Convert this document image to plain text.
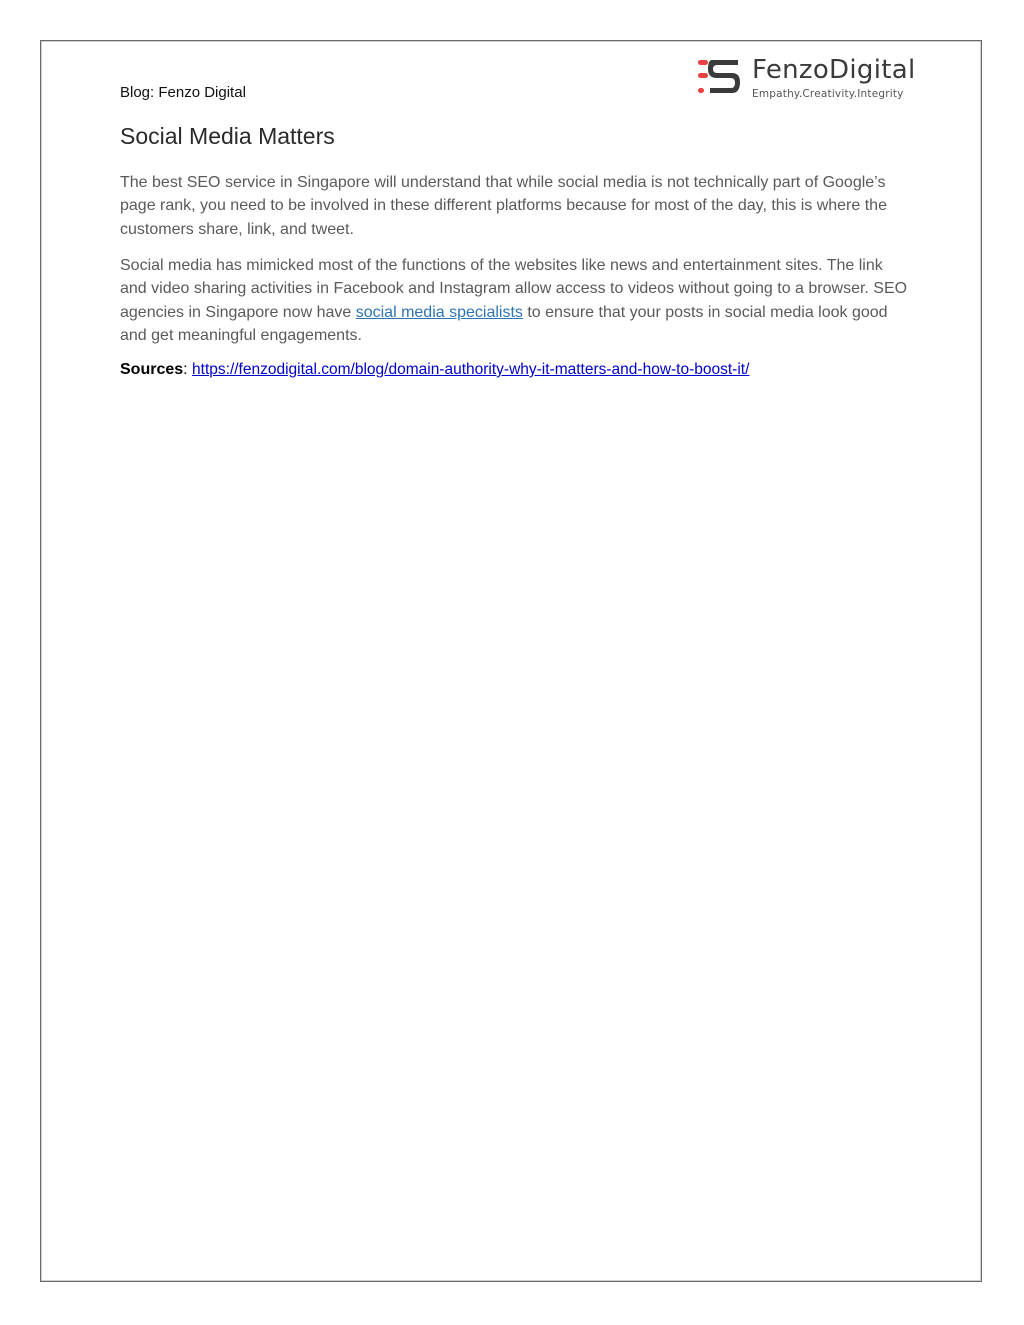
Blog: Fenzo Digital
FenzoDigital
Empathy.Creativity.Integrity
Social Media Matters

The best SEO service in Singapore will understand that while social media is not technically part of Google’s page rank, you need to be involved in these different platforms because for most of the day, this is where the customers share, link, and tweet.

Social media has mimicked most of the functions of the websites like news and entertainment sites. The link and video sharing activities in Facebook and Instagram allow access to videos without going to a browser. SEO agencies in Singapore now have social media specialists to ensure that your posts in social media look good and get meaningful engagements.

Sources: https://fenzodigital.com/blog/domain-authority-why-it-matters-and-how-to-boost-it/
